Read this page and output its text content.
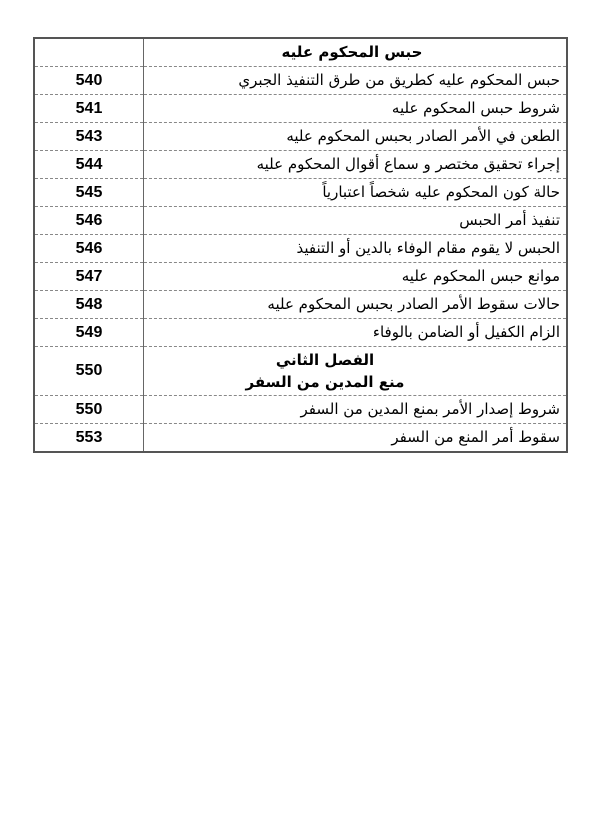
	حبس المحكوم عليه
540	حبس المحكوم عليه كطريق من طرق التنفيذ الجبري
541	شروط حبس المحكوم عليه
543	الطعن في الأمر الصادر بحبس المحكوم عليه
544	إجراء تحقيق مختصر و سماع أقوال المحكوم عليه
545	حالة كون المحكوم عليه شخصاً اعتبارياً
546	تنفيذ أمر الحبس
546	الحبس لا يقوم مقام الوفاء بالدين أو التنفيذ
547	موانع حبس المحكوم عليه
548	حالات سقوط الأمر الصادر بحبس المحكوم عليه
549	الزام الكفيل أو الضامن بالوفاء
550	الفصل الثاني
منع المدين من السفر

550	شروط إصدار الأمر بمنع المدين من السفر
553	سقوط أمر المنع من السفر
